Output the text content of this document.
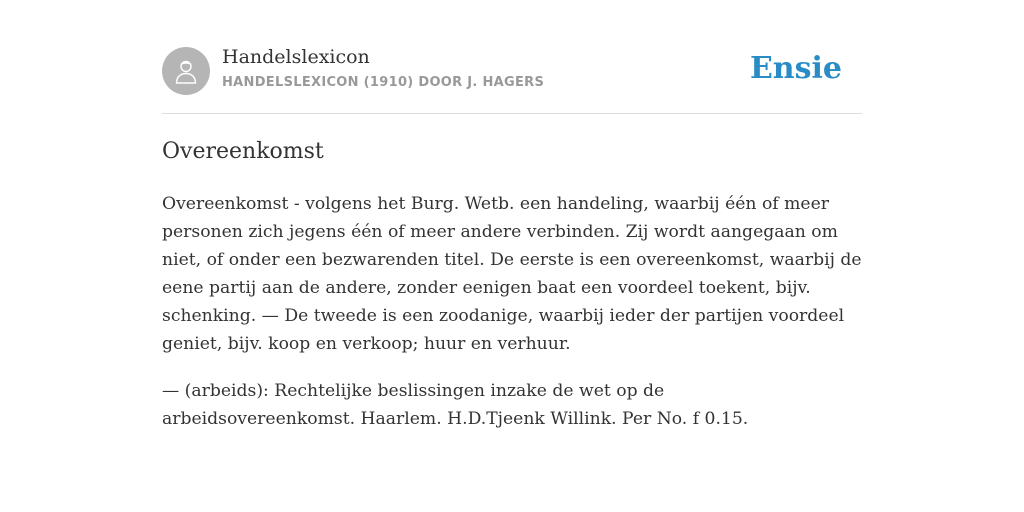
Handelslexicon
HANDELSLEXICON (1910) DOOR J. HAGERS	Ensie
Overeenkomst

Overeenkomst - volgens het Burg. Wetb. een handeling, waarbij één of meer personen zich jegens één of meer andere verbinden. Zij wordt aangegaan om niet, of onder een bezwarenden titel. De eerste is een overeenkomst, waarbij de eene partij aan de andere, zonder eenigen baat een voordeel toekent, bijv. schenking. — De tweede is een zoodanige, waarbij ieder der partijen voordeel geniet, bijv. koop en verkoop; huur en verhuur.

— (arbeids): Rechtelijke beslissingen inzake de wet op de arbeidsovereenkomst. Haarlem. H.D.Tjeenk Willink. Per No. f 0.15.
